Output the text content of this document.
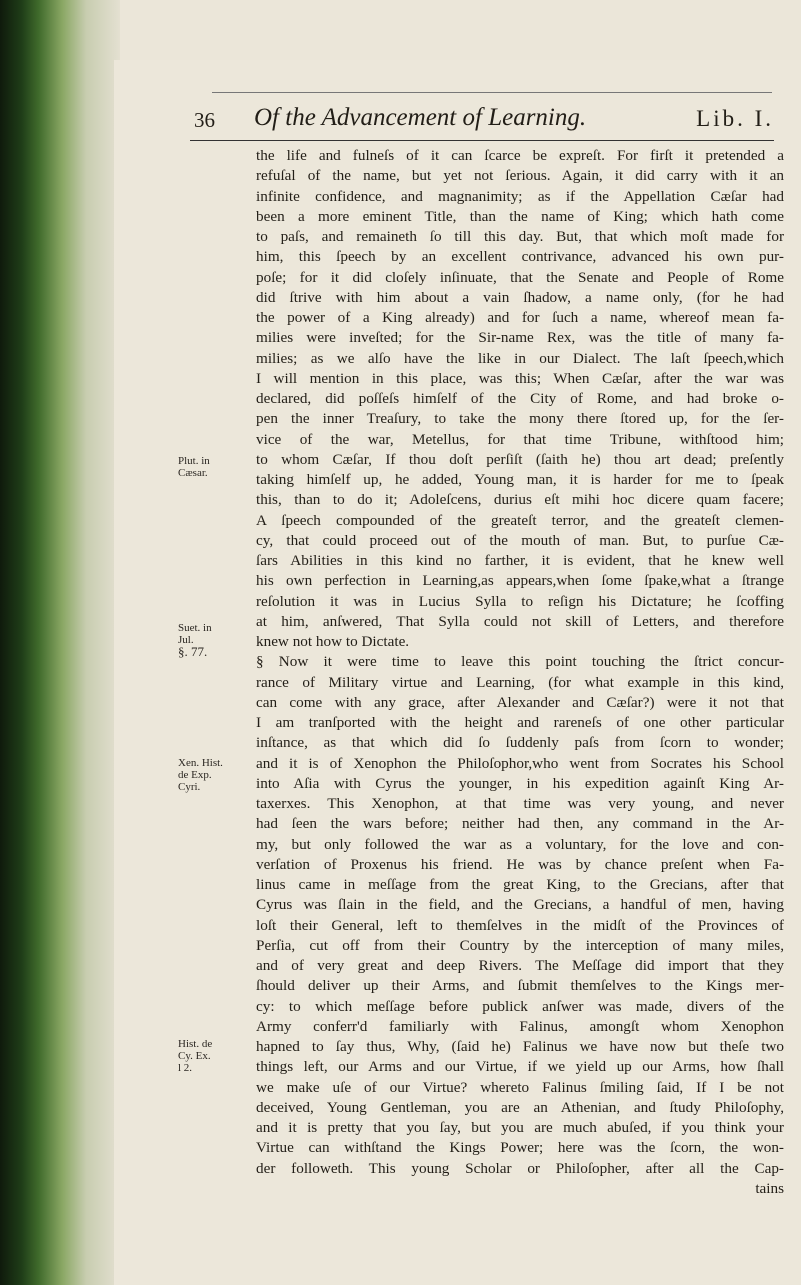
36 Of the Advancement of Learning.	Lib. I.
Plut. in
Cæsar.
Suet. in
Jul.
§. 77.
Xen. Hist.
de Exp.
Cyri.
Hist. de
Cy. Ex.
l 2.
the life and fulneſs of it can ſcarce be expreſt. For firſt it pretended a
refuſal of the name, but yet not ſerious. Again, it did carry with it an
infinite confidence, and magnanimity; as if the Appellation Cæſar had
been a more eminent Title, than the name of King; which hath come
to paſs, and remaineth ſo till this day. But, that which moſt made for
him, this ſpeech by an excellent contrivance, advanced his own pur-
poſe; for it did cloſely inſinuate, that the Senate and People of Rome
did ſtrive with him about a vain ſhadow, a name only, (for he had
the power of a King already) and for ſuch a name, whereof mean fa-
milies were inveſted; for the Sir-name Rex, was the title of many fa-
milies; as we alſo have the like in our Dialect. The laſt ſpeech,which
I will mention in this place, was this; When Cæſar, after the war was
declared, did poſſeſs himſelf of the City of Rome, and had broke o-
pen the inner Treaſury, to take the mony there ſtored up, for the ſer-
vice of the war, Metellus, for that time Tribune, withſtood him;
to whom Cæſar, If thou doſt perſiſt (ſaith he) thou art dead; preſently
taking himſelf up, he added, Young man, it is harder for me to ſpeak
this, than to do it; Adoleſcens, durius eſt mihi hoc dicere quam facere;
A ſpeech compounded of the greateſt terror, and the greateſt clemen-
cy, that could proceed out of the mouth of man. But, to purſue Cæ-
ſars Abilities in this kind no farther, it is evident, that he knew well
his own perfection in Learning,as appears,when ſome ſpake,what a ſtrange
reſolution it was in Lucius Sylla to reſign his Dictature; he ſcoffing
at him, anſwered, That Sylla could not skill of Letters, and therefore
knew not how to Dictate.
§ Now it were time to leave this point touching the ſtrict concur-
rance of Military virtue and Learning, (for what example in this kind,
can come with any grace, after Alexander and Cæſar?) were it not that
I am tranſported with the height and rareneſs of one other particular
inſtance, as that which did ſo ſuddenly paſs from ſcorn to wonder;
and it is of Xenophon the Philoſophor,who went from Socrates his School
into Aſia with Cyrus the younger, in his expedition againſt King Ar-
taxerxes. This Xenophon, at that time was very young, and never
had ſeen the wars before; neither had then, any command in the Ar-
my, but only followed the war as a voluntary, for the love and con-
verſation of Proxenus his friend. He was by chance preſent when Fa-
linus came in meſſage from the great King, to the Grecians, after that
Cyrus was ſlain in the field, and the Grecians, a handful of men, having
loſt their General, left to themſelves in the midſt of the Provinces of
Perſia, cut off from their Country by the interception of many miles,
and of very great and deep Rivers. The Meſſage did import that they
ſhould deliver up their Arms, and ſubmit themſelves to the Kings mer-
cy: to which meſſage before publick anſwer was made, divers of the
Army conferr'd familiarly with Falinus, amongſt whom Xenophon
hapned to ſay thus, Why, (ſaid he) Falinus we have now but theſe two
things left, our Arms and our Virtue, if we yield up our Arms, how ſhall
we make uſe of our Virtue? whereto Falinus ſmiling ſaid, If I be not
deceived, Young Gentleman, you are an Athenian, and ſtudy Philoſophy,
and it is pretty that you ſay, but you are much abuſed, if you think your
Virtue can withſtand the Kings Power; here was the ſcorn, the won-
der followeth. This young Scholar or Philoſopher, after all the Cap-
tains
